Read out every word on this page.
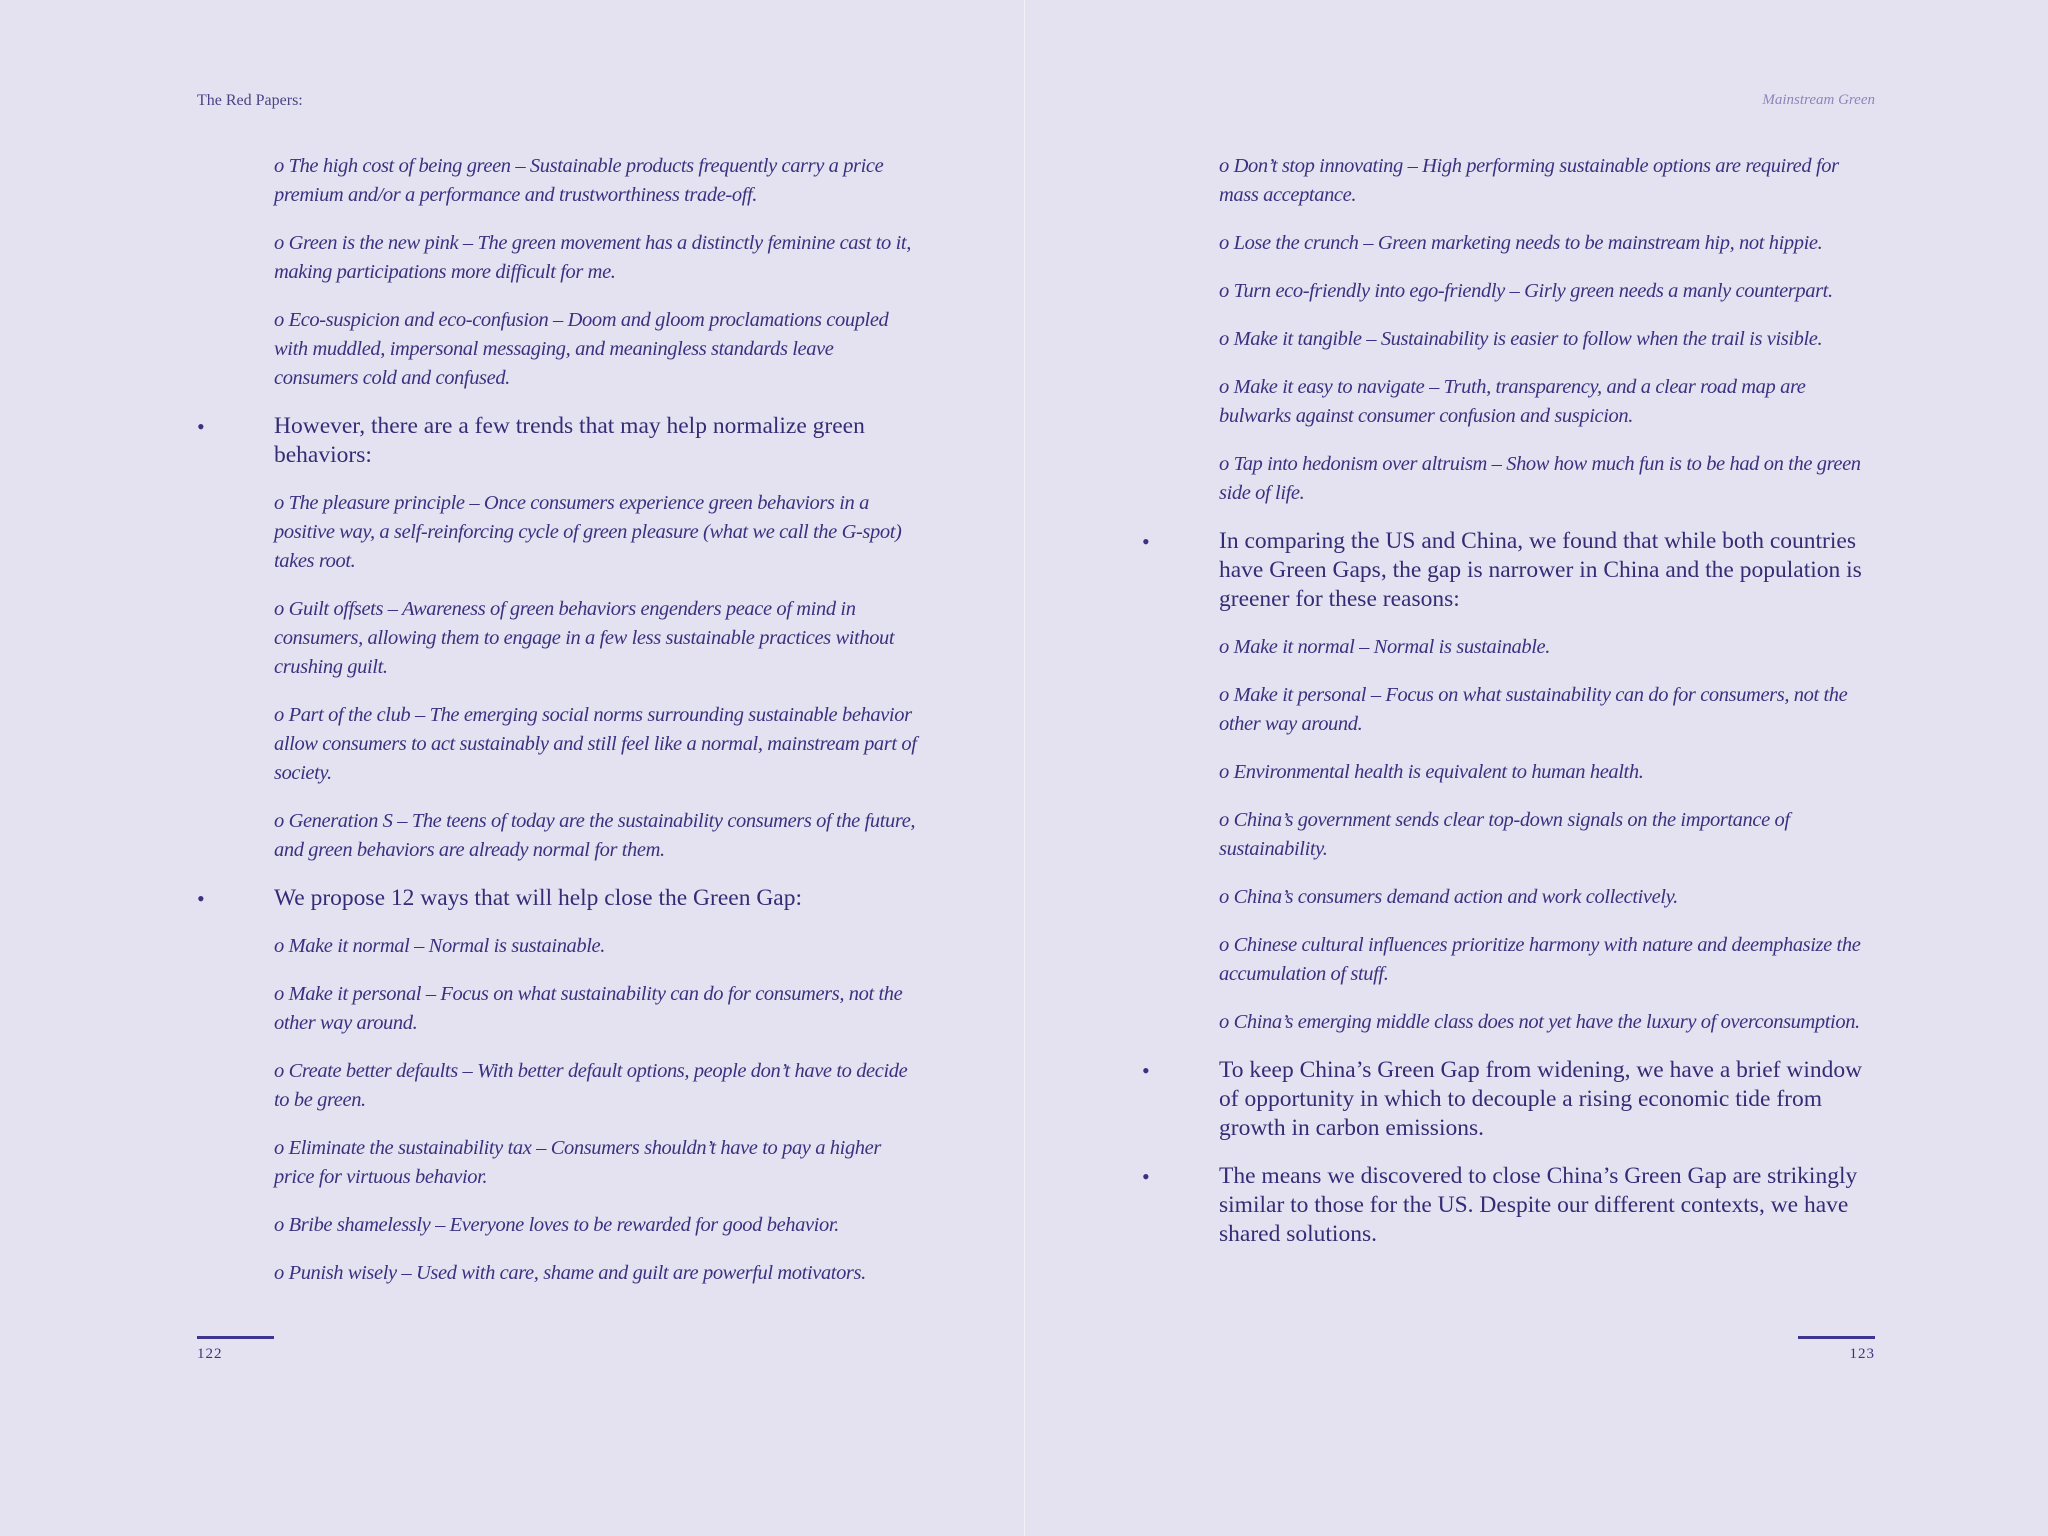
The Red Papers:
o The high cost of being green – Sustainable products frequently carry a price premium and/or a performance and trustworthiness trade-off.
o Green is the new pink – The green movement has a distinctly feminine cast to it, making participations more difficult for me.
o Eco-suspicion and eco-confusion – Doom and gloom proclamations coupled with muddled, impersonal messaging, and meaningless standards leave consumers cold and confused.
•	However, there are a few trends that may help normalize green behaviors:
o The pleasure principle – Once consumers experience green behaviors in a positive way, a self-reinforcing cycle of green pleasure (what we call the G-spot) takes root.
o Guilt offsets – Awareness of green behaviors engenders peace of mind in consumers, allowing them to engage in a few less sustainable practices without crushing guilt.
o Part of the club – The emerging social norms surrounding sustainable behavior allow consumers to act sustainably and still feel like a normal, mainstream part of society.
o Generation S – The teens of today are the sustainability consumers of the future, and green behaviors are already normal for them.
•	We propose 12 ways that will help close the Green Gap:
o Make it normal – Normal is sustainable.
o Make it personal – Focus on what sustainability can do for consumers, not the other way around.
o Create better defaults – With better default options, people don’t have to decide to be green.
o Eliminate the sustainability tax – Consumers shouldn’t have to pay a higher price for virtuous behavior.
o Bribe shamelessly – Everyone loves to be rewarded for good behavior.
o Punish wisely – Used with care, shame and guilt are powerful motivators.
122
Mainstream Green
o Don’t stop innovating – High performing sustainable options are required for mass acceptance.
o Lose the crunch – Green marketing needs to be mainstream hip, not hippie.
o Turn eco-friendly into ego-friendly – Girly green needs a manly counterpart.
o Make it tangible – Sustainability is easier to follow when the trail is visible.
o Make it easy to navigate – Truth, transparency, and a clear road map are bulwarks against consumer confusion and suspicion.
o Tap into hedonism over altruism – Show how much fun is to be had on the green side of life.
•	In comparing the US and China, we found that while both countries have Green Gaps, the gap is narrower in China and the population is greener for these reasons:
o Make it normal – Normal is sustainable.
o Make it personal – Focus on what sustainability can do for consumers, not the other way around.
o Environmental health is equivalent to human health.
o China’s government sends clear top-down signals on the importance of sustainability.
o China’s consumers demand action and work collectively.
o Chinese cultural influences prioritize harmony with nature and deemphasize the accumulation of stuff.
o China’s emerging middle class does not yet have the luxury of overconsumption.
•	To keep China’s Green Gap from widening, we have a brief window of opportunity in which to decouple a rising economic tide from growth in carbon emissions.
•	The means we discovered to close China’s Green Gap are strikingly similar to those for the US. Despite our different contexts, we have shared solutions.
123
